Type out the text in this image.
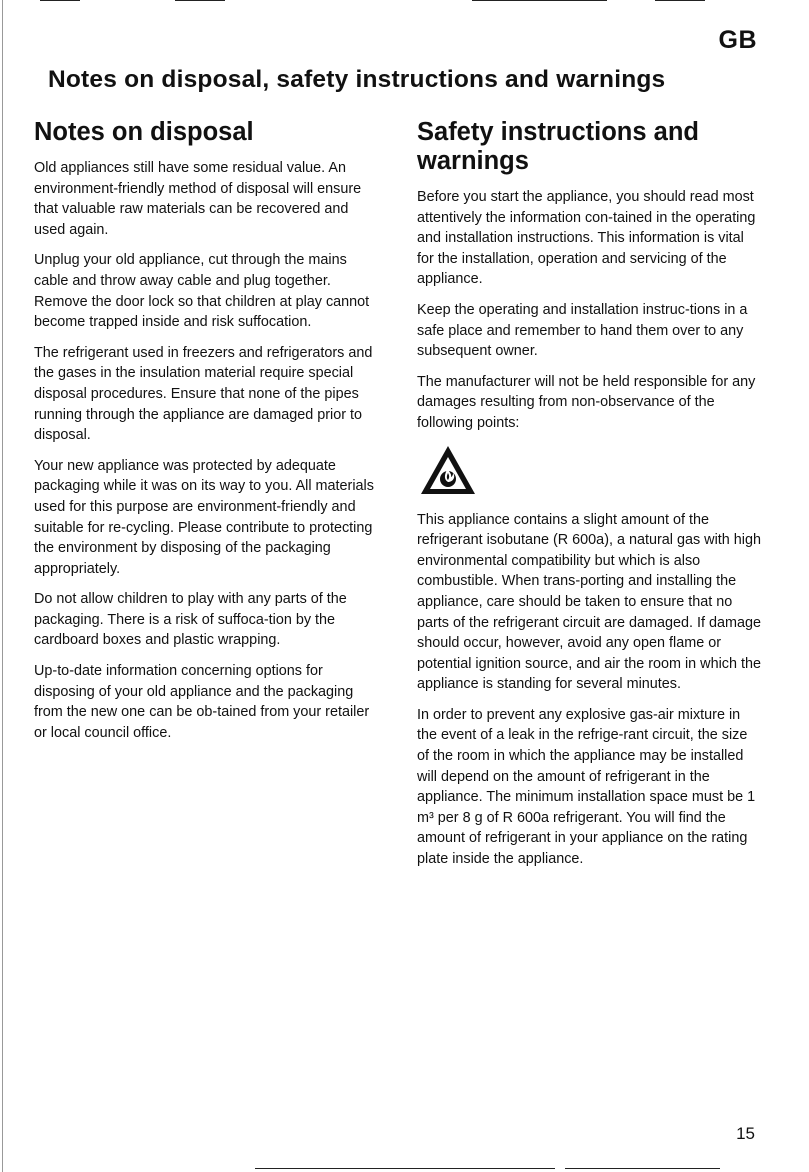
GB
Notes on disposal, safety instructions and warnings
Notes on disposal

Old appliances still have some residual value. An environment-friendly method of disposal will ensure that valuable raw materials can be recovered and used again.

Unplug your old appliance, cut through the mains cable and throw away cable and plug together.

Remove the door lock so that children at play cannot become trapped inside and risk suffocation.

The refrigerant used in freezers and refrigerators and the gases in the insulation material require special disposal procedures. Ensure that none of the pipes running through the appliance are damaged prior to disposal.

Your new appliance was protected by adequate packaging while it was on its way to you. All materials used for this purpose are environment-friendly and suitable for re-cycling. Please contribute to protecting the environment by disposing of the packaging appropriately.

Do not allow children to play with any parts of the packaging. There is a risk of suffoca-tion by the cardboard boxes and plastic wrapping.

Up-to-date information concerning options for disposing of your old appliance and the packaging from the new one can be ob-tained from your retailer or local council office.

Safety instructions and warnings

Before you start the appliance, you should read most attentively the information con-tained in the operating and installation instructions. This information is vital for the installation, operation and servicing of the appliance.

Keep the operating and installation instruc-tions in a safe place and remember to hand them over to any subsequent owner.

The manufacturer will not be held responsible for any damages resulting from non-observance of the following points:

This appliance contains a slight amount of the refrigerant isobutane (R 600a), a natural gas with high environmental compatibility but which is also combustible. When trans-porting and installing the appliance, care should be taken to ensure that no parts of the refrigerant circuit are damaged. If damage should occur, however, avoid any open flame or potential ignition source, and air the room in which the appliance is standing for several minutes.

In order to prevent any explosive gas-air mixture in the event of a leak in the refrige-rant circuit, the size of the room in which the appliance may be installed will depend on the amount of refrigerant in the appliance. The minimum installation space must be 1 m³ per 8 g of R 600a refrigerant. You will find the amount of refrigerant in your appliance on the rating plate inside the appliance.

15
